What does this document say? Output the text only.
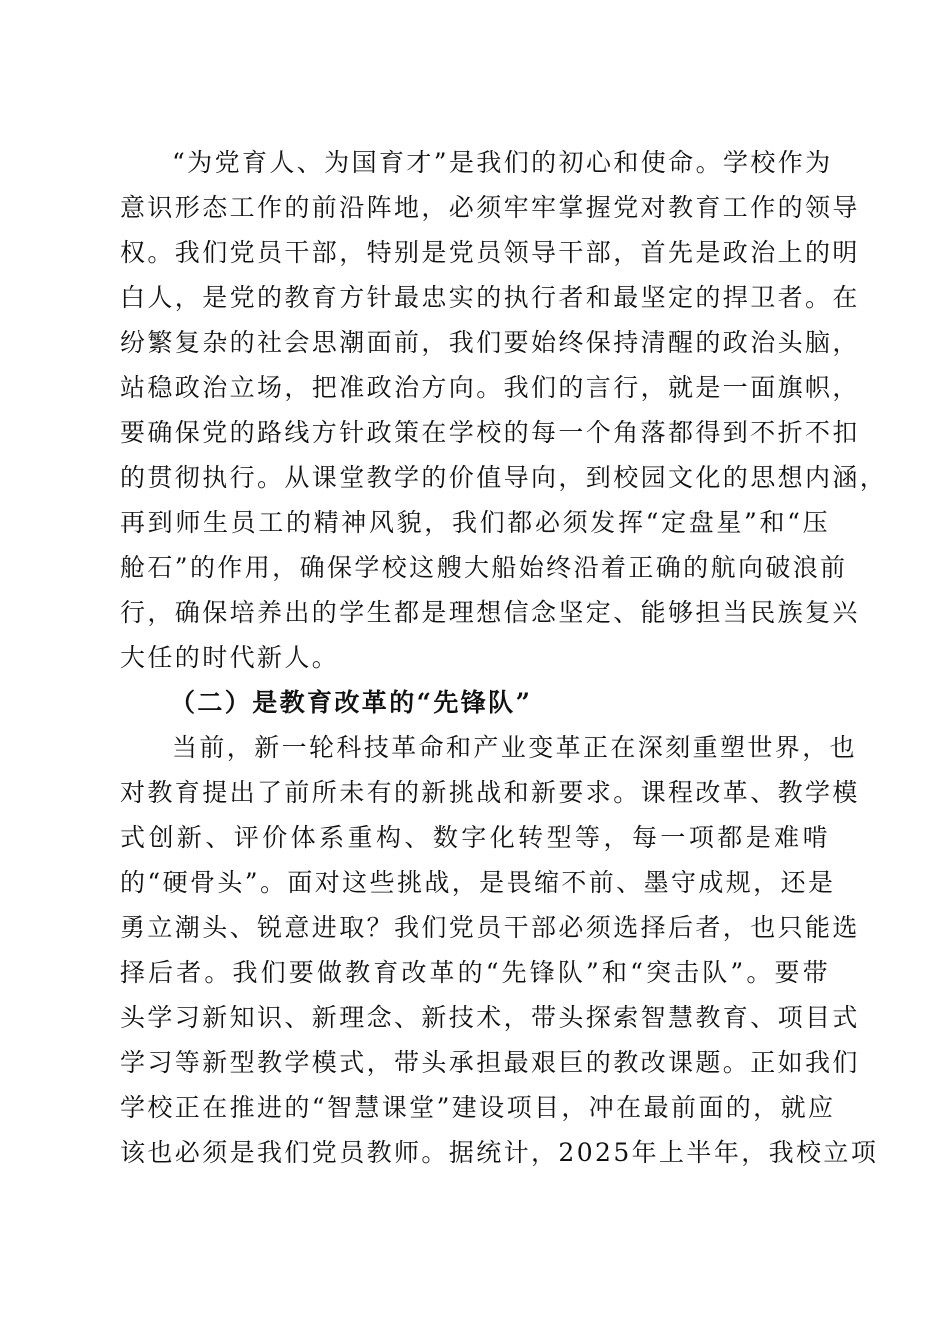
“为党育人、为国育才”是我们的初心和使命。学校作为
意识形态工作的前沿阵地，必须牢牢掌握党对教育工作的领导
权。我们党员干部，特别是党员领导干部，首先是政治上的明
白人，是党的教育方针最忠实的执行者和最坚定的捍卫者。在
纷繁复杂的社会思潮面前，我们要始终保持清醒的政治头脑，
站稳政治立场，把准政治方向。我们的言行，就是一面旗帜，
要确保党的路线方针政策在学校的每一个角落都得到不折不扣
的贯彻执行。从课堂教学的价值导向，到校园文化的思想内涵，
再到师生员工的精神风貌，我们都必须发挥“定盘星”和“压
舱石”的作用，确保学校这艘大船始终沿着正确的航向破浪前
行，确保培养出的学生都是理想信念坚定、能够担当民族复兴
大任的时代新人。
（二）是教育改革的“先锋队”
当前，新一轮科技革命和产业变革正在深刻重塑世界，也
对教育提出了前所未有的新挑战和新要求。课程改革、教学模
式创新、评价体系重构、数字化转型等，每一项都是难啃
的“硬骨头”。面对这些挑战，是畏缩不前、墨守成规，还是
勇立潮头、锐意进取？我们党员干部必须选择后者，也只能选
择后者。我们要做教育改革的“先锋队”和“突击队”。要带
头学习新知识、新理念、新技术，带头探索智慧教育、项目式
学习等新型教学模式，带头承担最艰巨的教改课题。正如我们
学校正在推进的“智慧课堂”建设项目，冲在最前面的，就应
该也必须是我们党员教师。据统计，2025年上半年，我校立项
